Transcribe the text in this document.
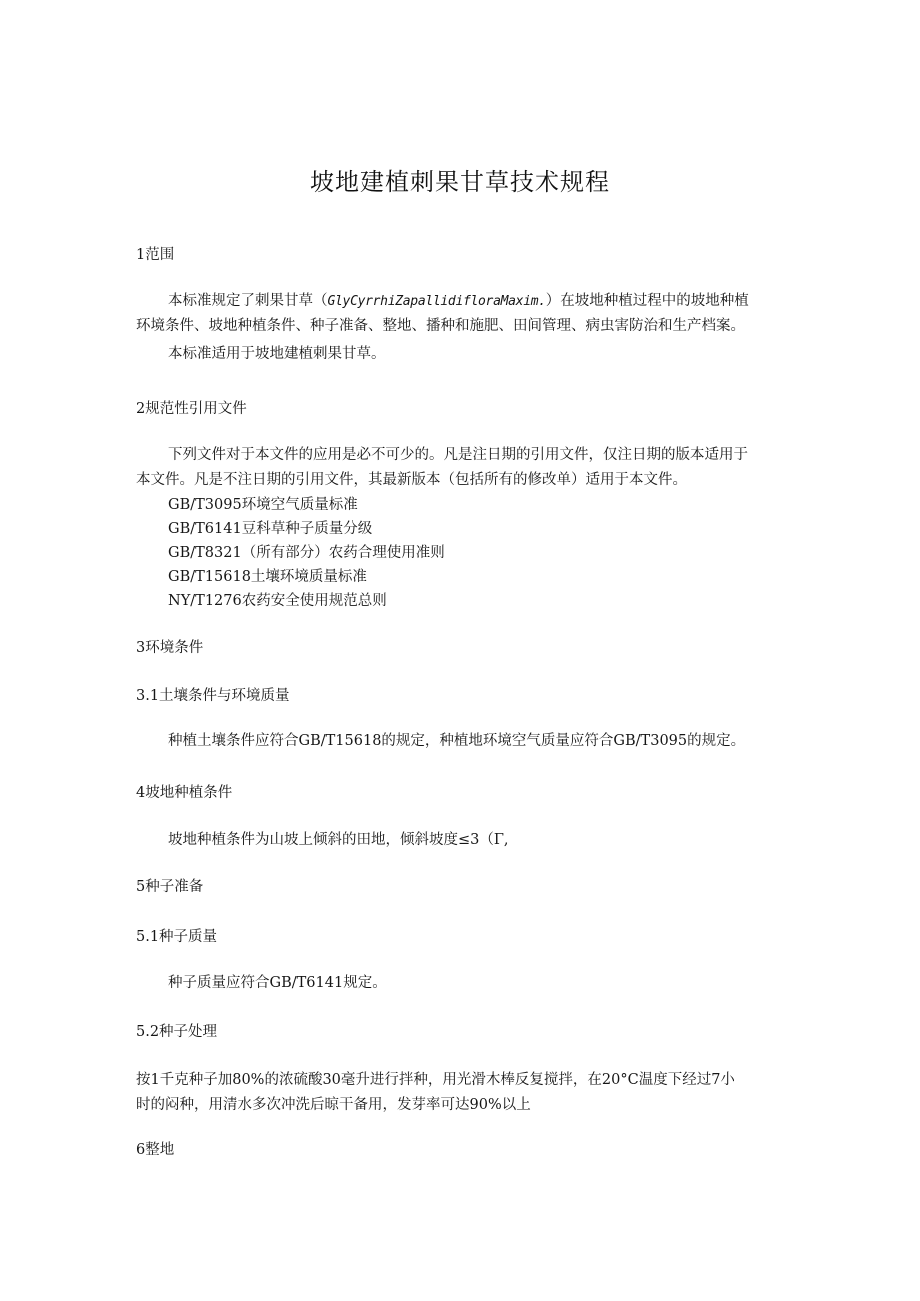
坡地建植刺果甘草技术规程
1范围
本标准规定了刺果甘草（GlyCyrrhiZapallidifloraMaxim.）在坡地种植过程中的坡地种植
环境条件、坡地种植条件、种子准备、整地、播种和施肥、田间管理、病虫害防治和生产档案。
本标准适用于坡地建植刺果甘草。
2规范性引用文件
下列文件对于本文件的应用是必不可少的。凡是注日期的引用文件，仅注日期的版本适用于
本文件。凡是不注日期的引用文件，其最新版本（包括所有的修改单）适用于本文件。
GB/T3095环境空气质量标准
GB/T6141豆科草种子质量分级
GB/T8321（所有部分）农药合理使用准则
GB/T15618土壤环境质量标准
NY/T1276农药安全使用规范总则
3环境条件
3.1土壤条件与环境质量
种植土壤条件应符合GB/T15618的规定，种植地环境空气质量应符合GB/T3095的规定。
4坡地种植条件
坡地种植条件为山坡上倾斜的田地，倾斜坡度≤3（Γ,
5种子准备
5.1种子质量
种子质量应符合GB/T6141规定。
5.2种子处理
按1千克种子加80%的浓硫酸30毫升进行拌种，用光滑木棒反复搅拌，在20°C温度下经过7小
时的闷种，用清水多次冲洗后晾干备用，发芽率可达90%以上
6整地
